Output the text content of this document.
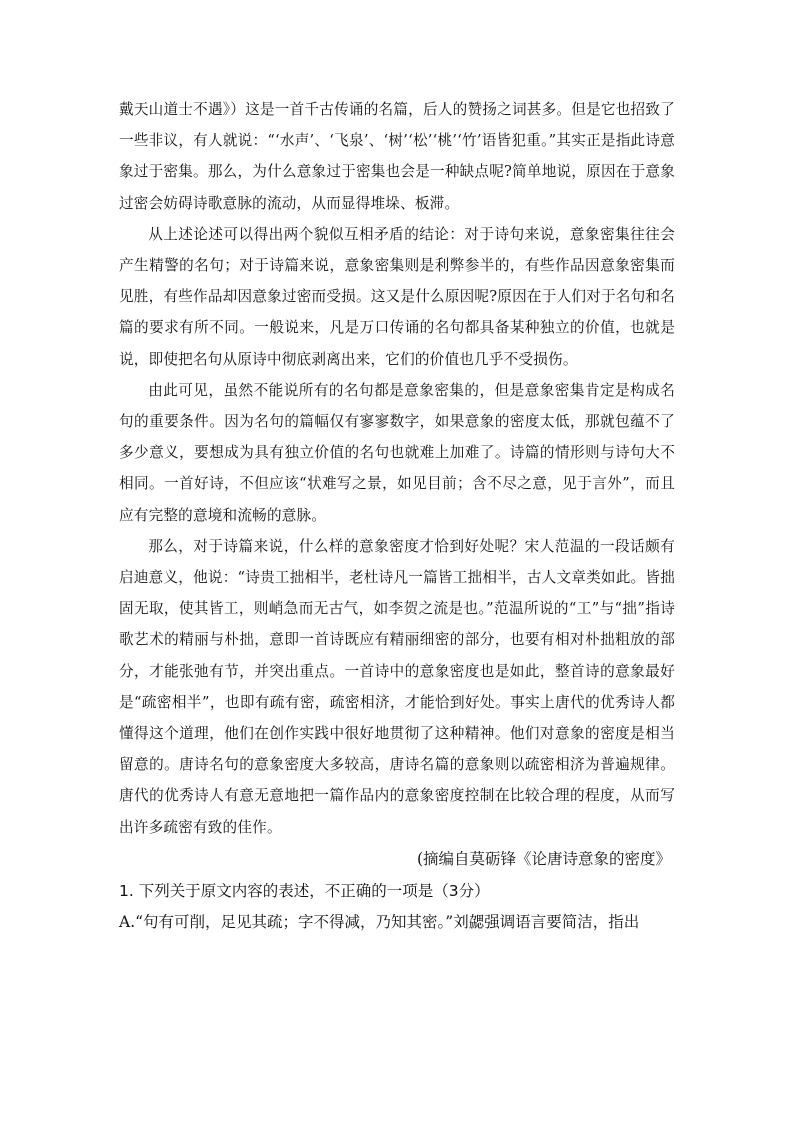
戴天山道士不遇》）这是一首千古传诵的名篇，后人的赞扬之词甚多。但是它也招致了一些非议，有人就说：“‘水声’、‘飞泉’、‘树’‘松’‘桃’‘竹’语皆犯重。”其实正是指此诗意象过于密集。那么，为什么意象过于密集也会是一种缺点呢?简单地说，原因在于意象过密会妨碍诗歌意脉的流动，从而显得堆垛、板滞。

从上述论述可以得出两个貌似互相矛盾的结论：对于诗句来说，意象密集往往会产生精警的名句；对于诗篇来说，意象密集则是利弊参半的，有些作品因意象密集而见胜，有些作品却因意象过密而受损。这又是什么原因呢?原因在于人们对于名句和名篇的要求有所不同。一般说来，凡是万口传诵的名句都具备某种独立的价值，也就是说，即使把名句从原诗中彻底剥离出来，它们的价值也几乎不受损伤。

由此可见，虽然不能说所有的名句都是意象密集的，但是意象密集肯定是构成名句的重要条件。因为名句的篇幅仅有寥寥数字，如果意象的密度太低，那就包蕴不了多少意义，要想成为具有独立价值的名句也就难上加难了。诗篇的情形则与诗句大不相同。一首好诗，不但应该“状难写之景，如见目前；含不尽之意，见于言外”，而且应有完整的意境和流畅的意脉。

那么，对于诗篇来说，什么样的意象密度才恰到好处呢？宋人范温的一段话颇有启迪意义，他说：“诗贵工拙相半，老杜诗凡一篇皆工拙相半，古人文章类如此。皆拙固无取，使其皆工，则峭急而无古气，如李贺之流是也。”范温所说的“工”与“拙”指诗歌艺术的精丽与朴拙，意即一首诗既应有精丽细密的部分，也要有相对朴拙粗放的部分，才能张弛有节，并突出重点。一首诗中的意象密度也是如此，整首诗的意象最好是“疏密相半”，也即有疏有密，疏密相济，才能恰到好处。事实上唐代的优秀诗人都懂得这个道理，他们在创作实践中很好地贯彻了这种精神。他们对意象的密度是相当留意的。唐诗名句的意象密度大多较高，唐诗名篇的意象则以疏密相济为普遍规律。唐代的优秀诗人有意无意地把一篇作品内的意象密度控制在比较合理的程度，从而写出许多疏密有致的佳作。

(摘编自莫砺锋《论唐诗意象的密度》

1. 下列关于原文内容的表述，不正确的一项是（3分）

A.“句有可削，足见其疏；字不得减，乃知其密。”刘勰强调语言要简洁，指出
